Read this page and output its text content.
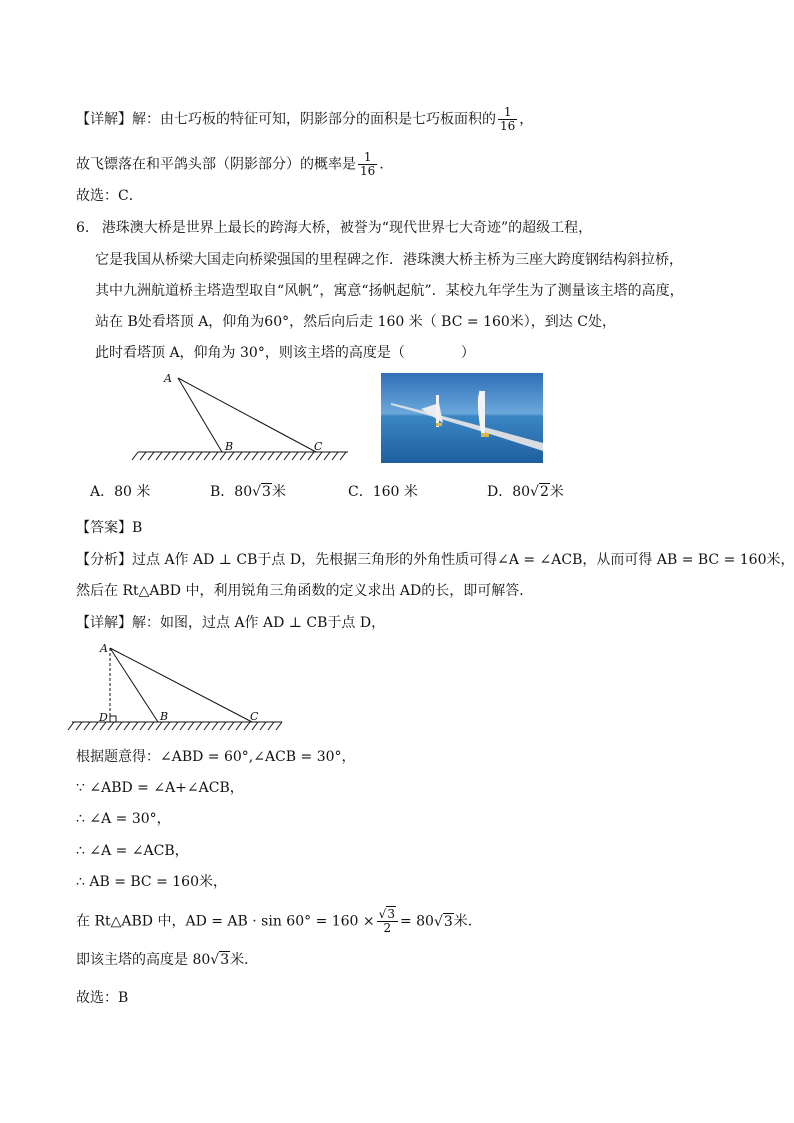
【详解】解：由七巧板的特征可知，阴影部分的面积是七巧板面积的 $\frac{1}{16}$ ，
故飞镖落在和平鸽头部（阴影部分）的概率是 $\frac{1}{16}$ .
故选：C．
6. 港珠澳大桥是世界上最长的跨海大桥，被誉为“现代世界七大奇迹”的超级工程，
它是我国从桥梁大国走向桥梁强国的里程碑之作．港珠澳大桥主桥为三座大跨度钢结构斜拉桥，
其中九洲航道桥主塔造型取自“风帆”，寓意“扬帆起航”．某校九年学生为了测量该主塔的高度，
站在 B处看塔顶 A，仰角为60°，然后向后走 160 米（ BC = 160米），到达 C处，
此时看塔顶 A，仰角为 30°，则该主塔的高度是（　　　　）
A
B	C
A．80 米	B．80√3米	C．160 米	D．80√2米
【答案】B
【分析】过点 A作 AD ⊥ CB于点 D，先根据三角形的外角性质可得∠A = ∠ACB，从而可得 AB = BC = 160米，
然后在 Rt△ABD 中，利用锐角三角函数的定义求出 AD的长，即可解答．
【详解】解：如图，过点 A作 AD ⊥ CB于点 D，
A
D	B	C
根据题意得：∠ABD = 60°,∠ACB = 30°，
∵ ∠ABD = ∠A+∠ACB，
∴ ∠A = 30°，
∴ ∠A = ∠ACB，
∴ AB = BC = 160米，
在 Rt△ABD 中，AD = AB · $\sin 60^\circ = 160 \times \frac{√3}{2} = 80√3$米．
即该主塔的高度是 80√3米．
故选：B
